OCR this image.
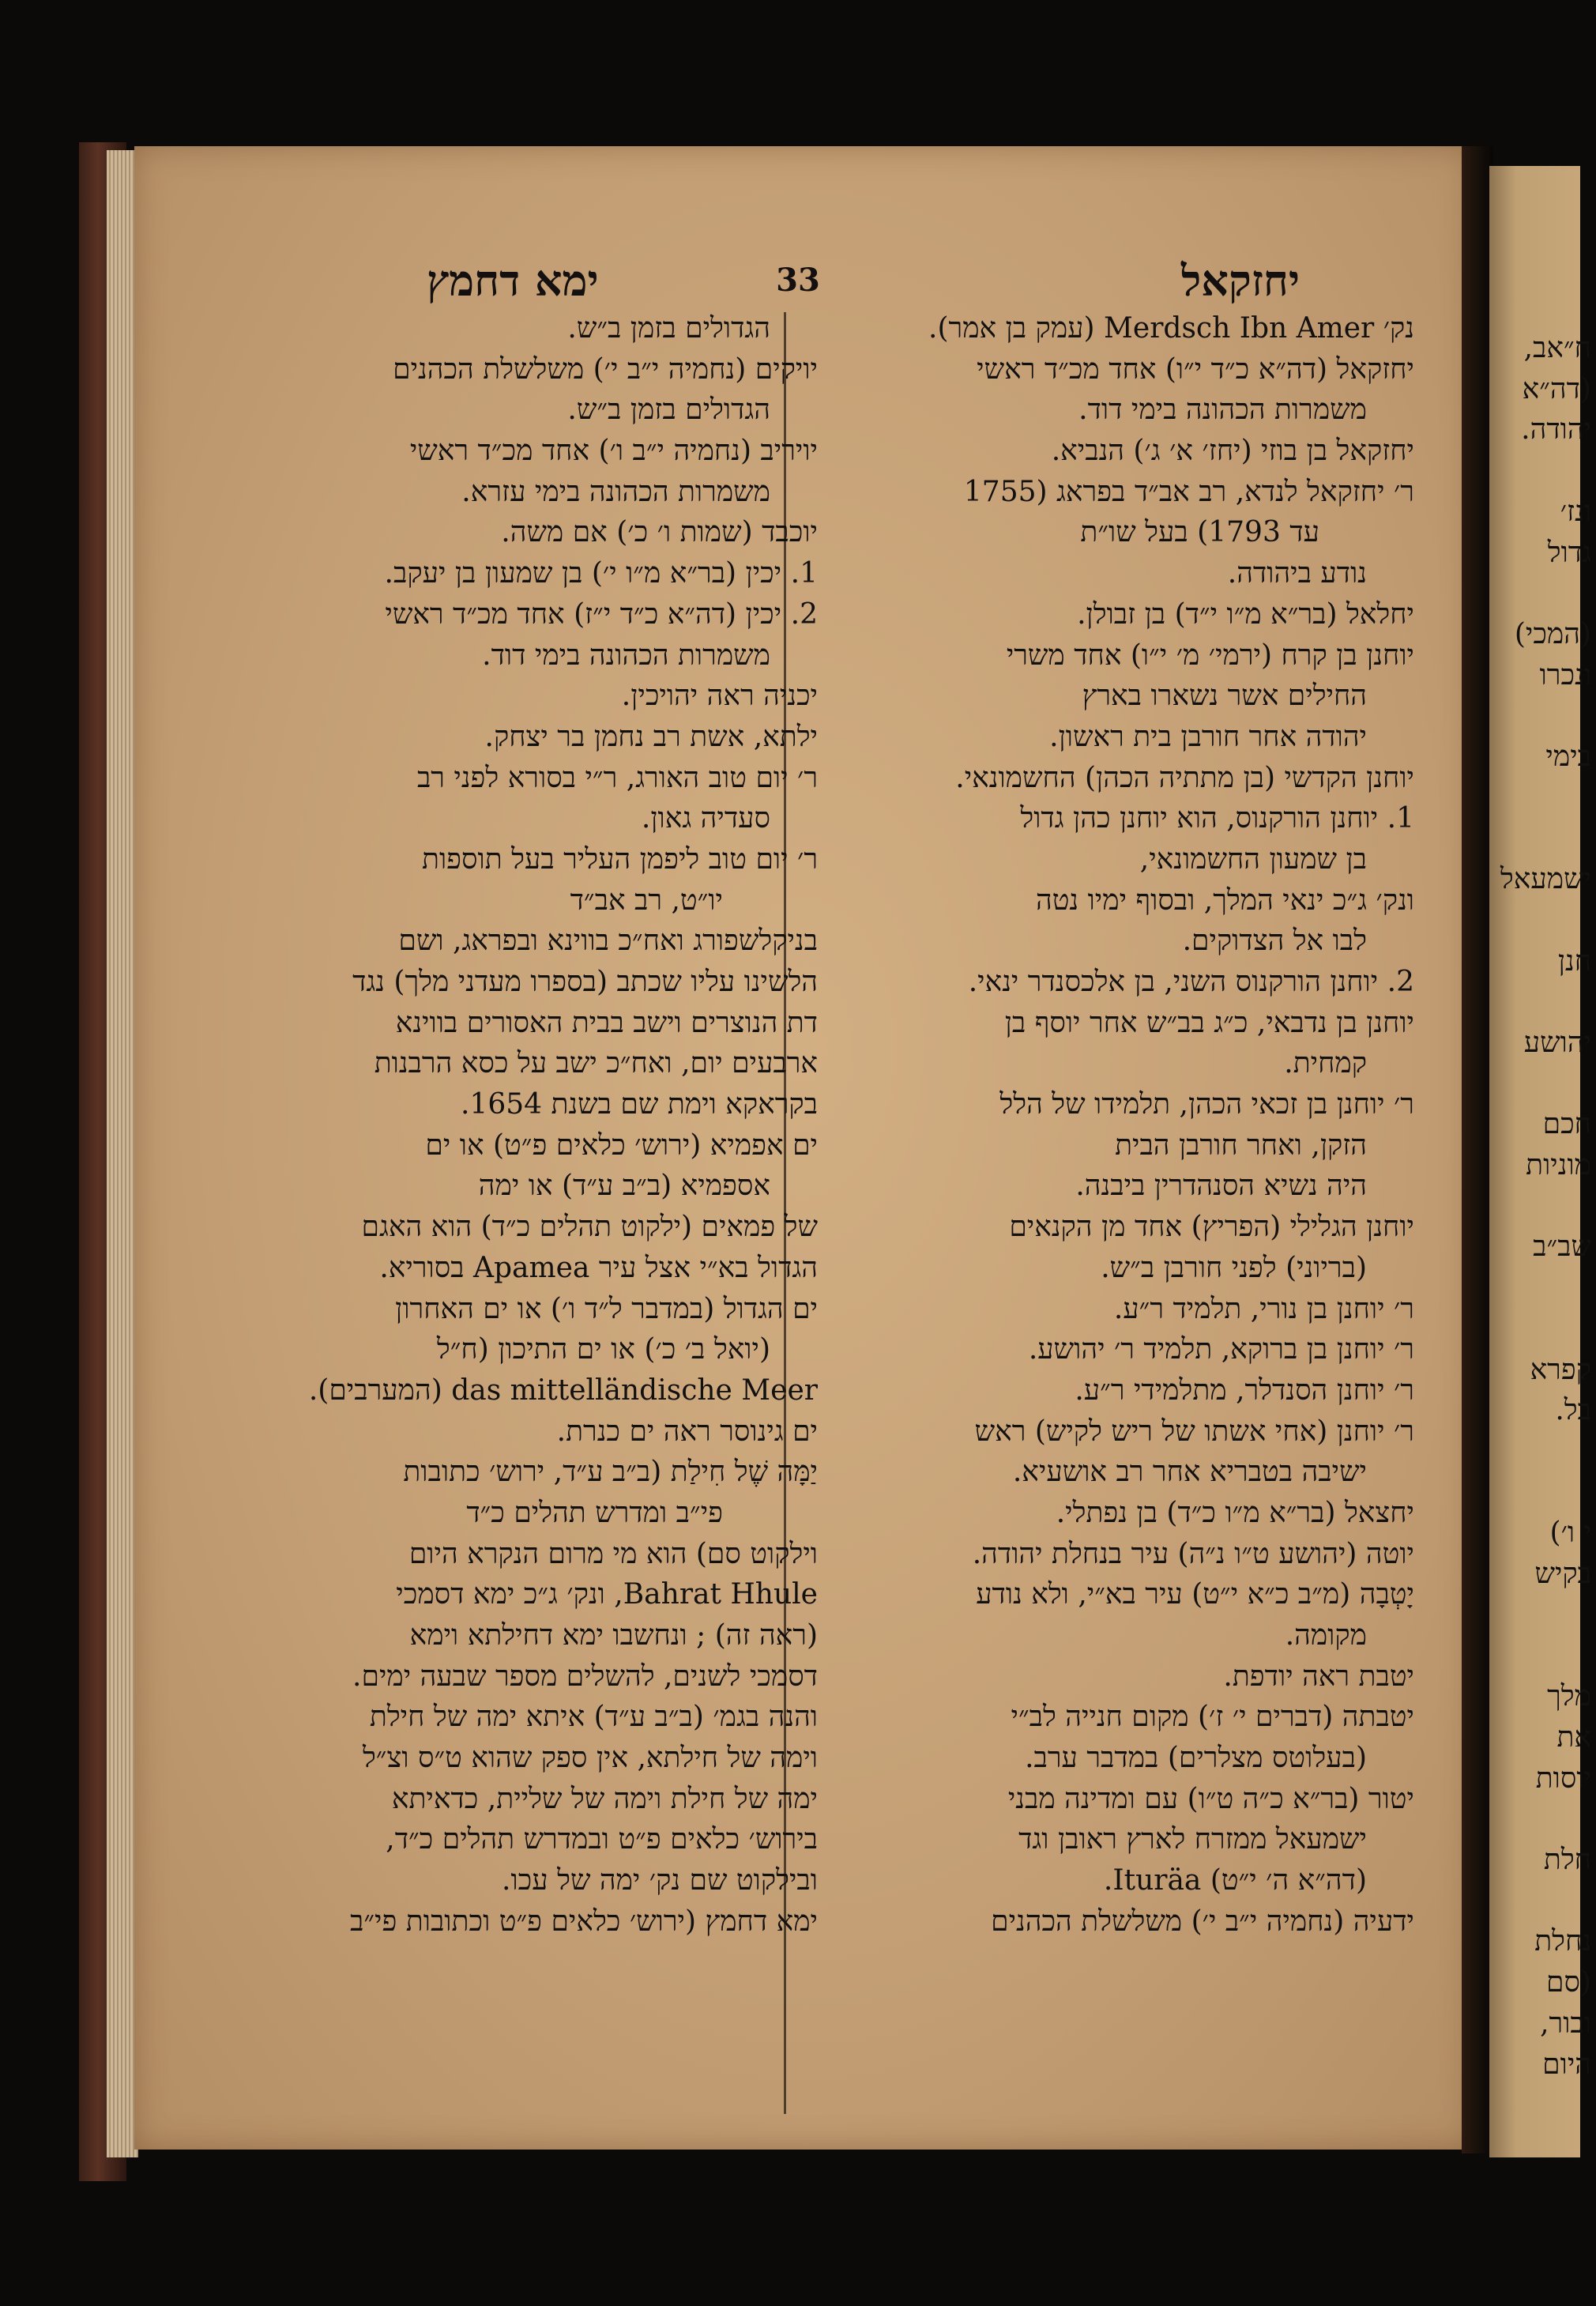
יחזקאל
33
ימא דחמץ
נק׳ Merdsch Ibn Amer (עמק בן אמר).
יחזקאל (דה״א כ״ד י״ו) אחד מכ״ד ראשי
משמרות הכהונה בימי דוד.
יחזקאל בן בוזי (יחז׳ א׳ ג׳) הנביא.
ר׳ יחזקאל לנדא, רב אב״ד בפראג (1755
עד 1793) בעל שו״ת
נודע ביהודה.
יחלאל (בר״א מ״ו י״ד) בן זבולן.
יוחנן בן קרח (ירמי׳ מ׳ י״ו) אחד משרי
החילים אשר נשארו בארץ
יהודה אחר חורבן בית ראשון.
יוחנן הקדשי (בן מתתיה הכהן) החשמונאי.
1. יוחנן הורקנוס, הוא יוחנן כהן גדול
בן שמעון החשמונאי,
ונק׳ ג״כ ינאי המלך, ובסוף ימיו נטה
לבו אל הצדוקים.
2. יוחנן הורקנוס השני, בן אלכסנדר ינאי.
יוחנן בן נדבאי, כ״ג בב״ש אחר יוסף בן
קמחית.
ר׳ יוחנן בן זכאי הכהן, תלמידו של הלל
הזקן, ואחר חורבן הבית
היה נשיא הסנהדרין ביבנה.
יוחנן הגלילי (הפריץ) אחד מן הקנאים
(בריוני) לפני חורבן ב״ש.
ר׳ יוחנן בן נורי, תלמיד ר״ע.
ר׳ יוחנן בן ברוקא, תלמיד ר׳ יהושע.
ר׳ יוחנן הסנדלר, מתלמידי ר״ע.
ר׳ יוחנן (אחי אשתו של ריש לקיש) ראש
ישיבה בטבריא אחר רב אושעיא.
יחצאל (בר״א מ״ו כ״ד) בן נפתלי.
יוטה (יהושע ט״ו נ״ה) עיר בנחלת יהודה.
יָטְבָה (מ״ב כ״א י״ט) עיר בא״י, ולא נודע
מקומה.
יטבת ראה יודפת.
יטבתה (דברים י׳ ז׳) מקום חנייה לב״י
(בעלוטס מצלרים) במדבר ערב.
יטור (בר״א כ״ה ט״ו) עם ומדינה מבני
ישמעאל ממזרח לארץ ראובן וגד
(דה״א ה׳ י״ט) Ituräa.
ידעיה (נחמיה י״ב י׳) משלשלת הכהנים
הגדולים בזמן ב״ש.
יויקים (נחמיה י״ב י׳) משלשלת הכהנים
הגדולים בזמן ב״ש.
יויריב (נחמיה י״ב ו׳) אחד מכ״ד ראשי
משמרות הכהונה בימי עזרא.
יוכבד (שמות ו׳ כ׳) אם משה.
1. יכין (בר״א מ״ו י׳) בן שמעון בן יעקב.
2. יכין (דה״א כ״ד י״ז) אחד מכ״ד ראשי
משמרות הכהונה בימי דוד.
יכניה ראה יהויכין.
ילתא, אשת רב נחמן בר יצחק.
ר׳ יום טוב האורג, ר״י בסורא לפני רב
סעדיה גאון.
ר׳ יום טוב ליפמן העליר בעל תוספות
יו״ט, רב אב״ד
בניקלשפורג ואח״כ בווינא ובפראג, ושם
הלשינו עליו שכתב (בספרו מעדני מלך) נגד
דת הנוצרים וישב בבית האסורים בווינא
ארבעים יום, ואח״כ ישב על כסא הרבנות
בקראקא וימת שם בשנת 1654.
ים אפמיא (ירוש׳ כלאים פ״ט) או ים
אספמיא (ב״ב ע״ד) או ימה
של פמאים (ילקוט תהלים כ״ד) הוא האגם
הגדול בא״י אצל עיר Apamea בסוריא.
ים הגדול (במדבר ל״ד ו׳) או ים האחרון
(יואל ב׳ כ׳) או ים התיכון (ח״ל
das mittelländische Meer (המערבים).
ים גינוסר ראה ים כנרת.
יַמָּה שֶׁל חִילַת (ב״ב ע״ד, ירוש׳ כתובות
פי״ב ומדרש תהלים כ״ד
וילקוט סם) הוא מי מרום הנקרא היום
Bahrat Hhule, ונק׳ ג״כ ימא דסמכי
(ראה זה) ; ונחשבו ימא דחילתא וימא
דסמכי לשנים, להשלים מספר שבעה ימים.
והנה בגמ׳ (ב״ב ע״ד) איתא ימה של חילת
וימה של חילתא, אין ספק שהוא ט״ס וצ״ל
ימה של חילת וימה של שליית, כדאיתא
בירוש׳ כלאים פ״ט ובמדרש תהלים כ״ד,
ובילקוט שם נק׳ ימה של עכו.
ימא דחמץ (ירוש׳ כלאים פ״ט וכתובות פי״ב
ח״אב,
(דה״א
יהודה.

ונז׳
גדול

(המכי)
ונכרו

בימי

ישמעאל

חנן

יהושע

חכם
מוניות

שב״ב

קפרא
בל.

י ו׳)
בקיש

מלך
את
יוסות

חלת

נחלת
(סם
ובור,
היום
